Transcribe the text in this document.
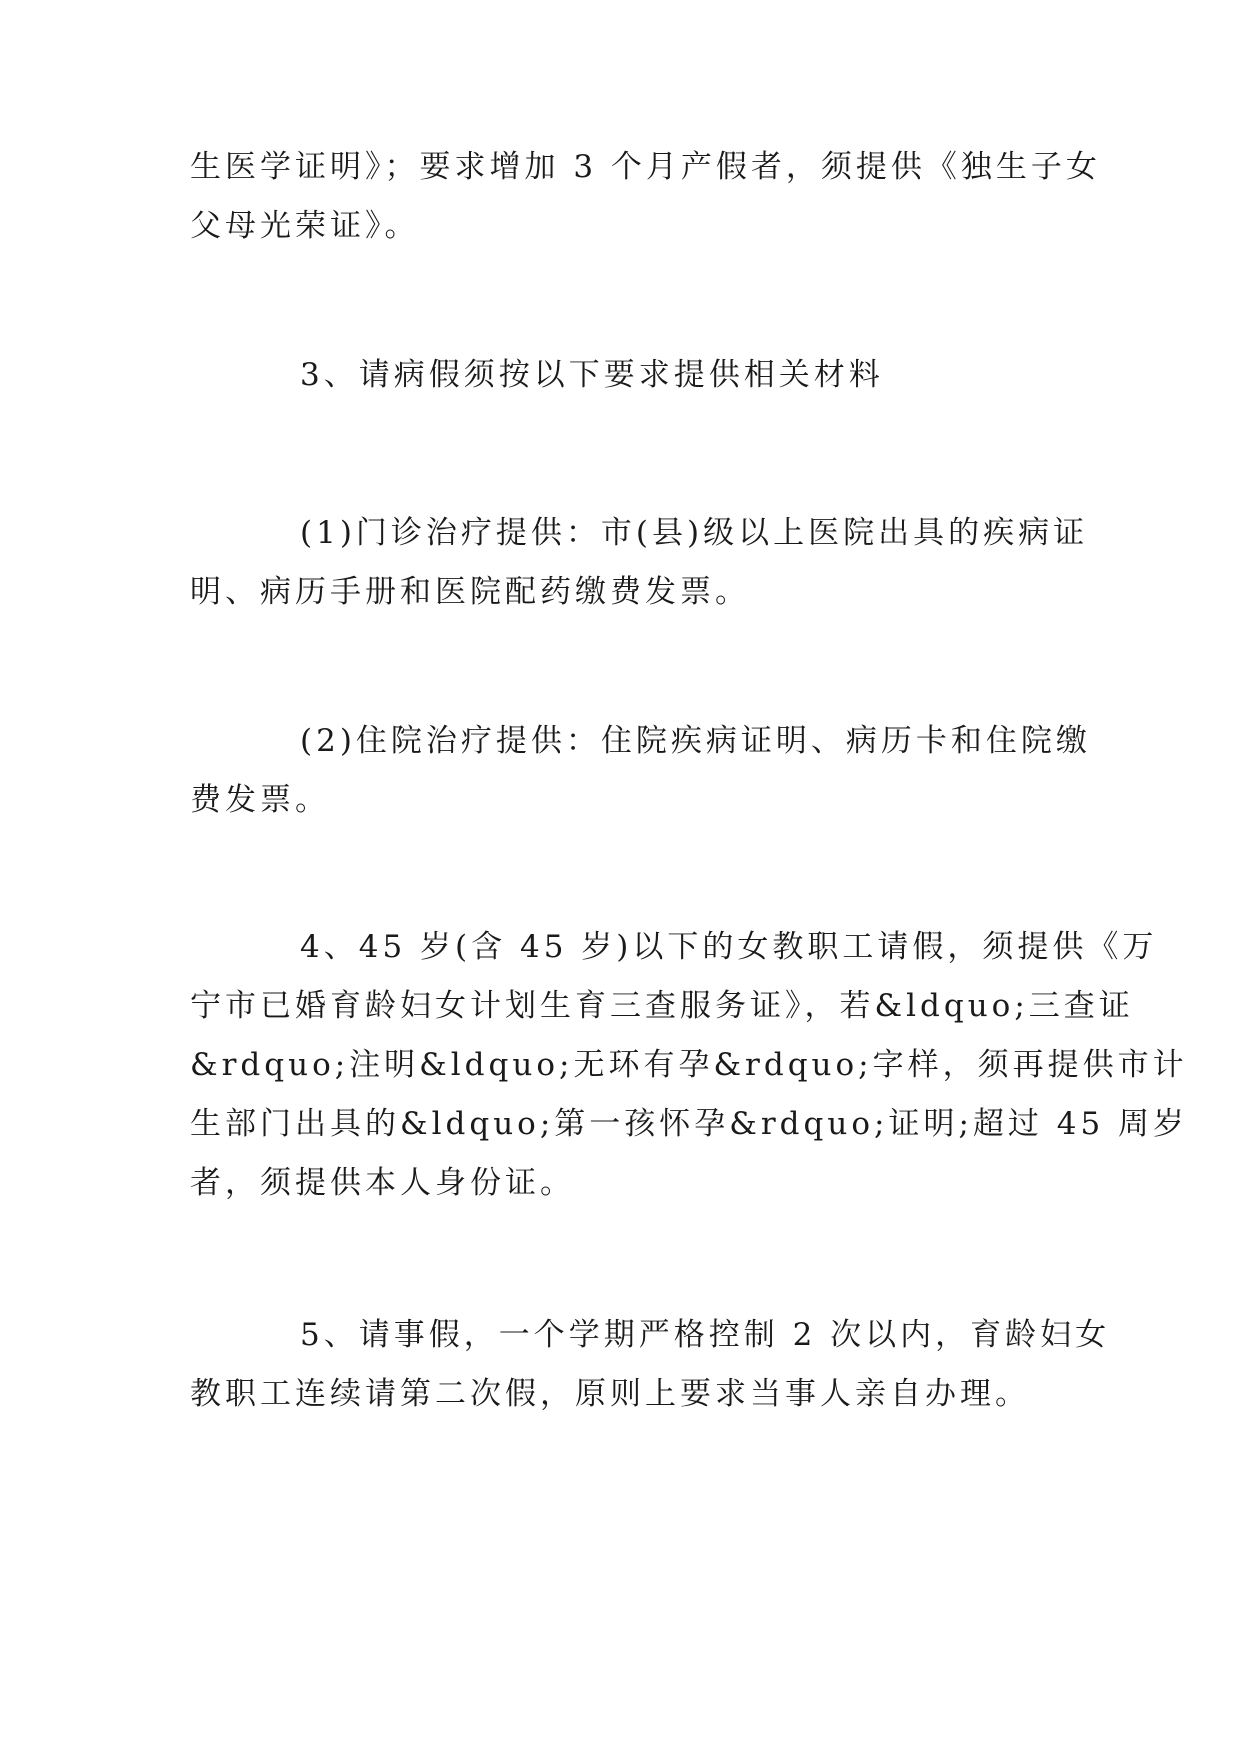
生医学证明》；要求增加 3 个月产假者，须提供《独生子女
父母光荣证》。
3、请病假须按以下要求提供相关材料
(1)门诊治疗提供：市(县)级以上医院出具的疾病证
明、病历手册和医院配药缴费发票。
(2)住院治疗提供：住院疾病证明、病历卡和住院缴
费发票。
4、45 岁(含 45 岁)以下的女教职工请假，须提供《万
宁市已婚育龄妇女计划生育三查服务证》，若&ldquo;三查证
&rdquo;注明&ldquo;无环有孕&rdquo;字样，须再提供市计
生部门出具的&ldquo;第一孩怀孕&rdquo;证明;超过 45 周岁
者，须提供本人身份证。
5、请事假，一个学期严格控制 2 次以内，育龄妇女
教职工连续请第二次假，原则上要求当事人亲自办理。
